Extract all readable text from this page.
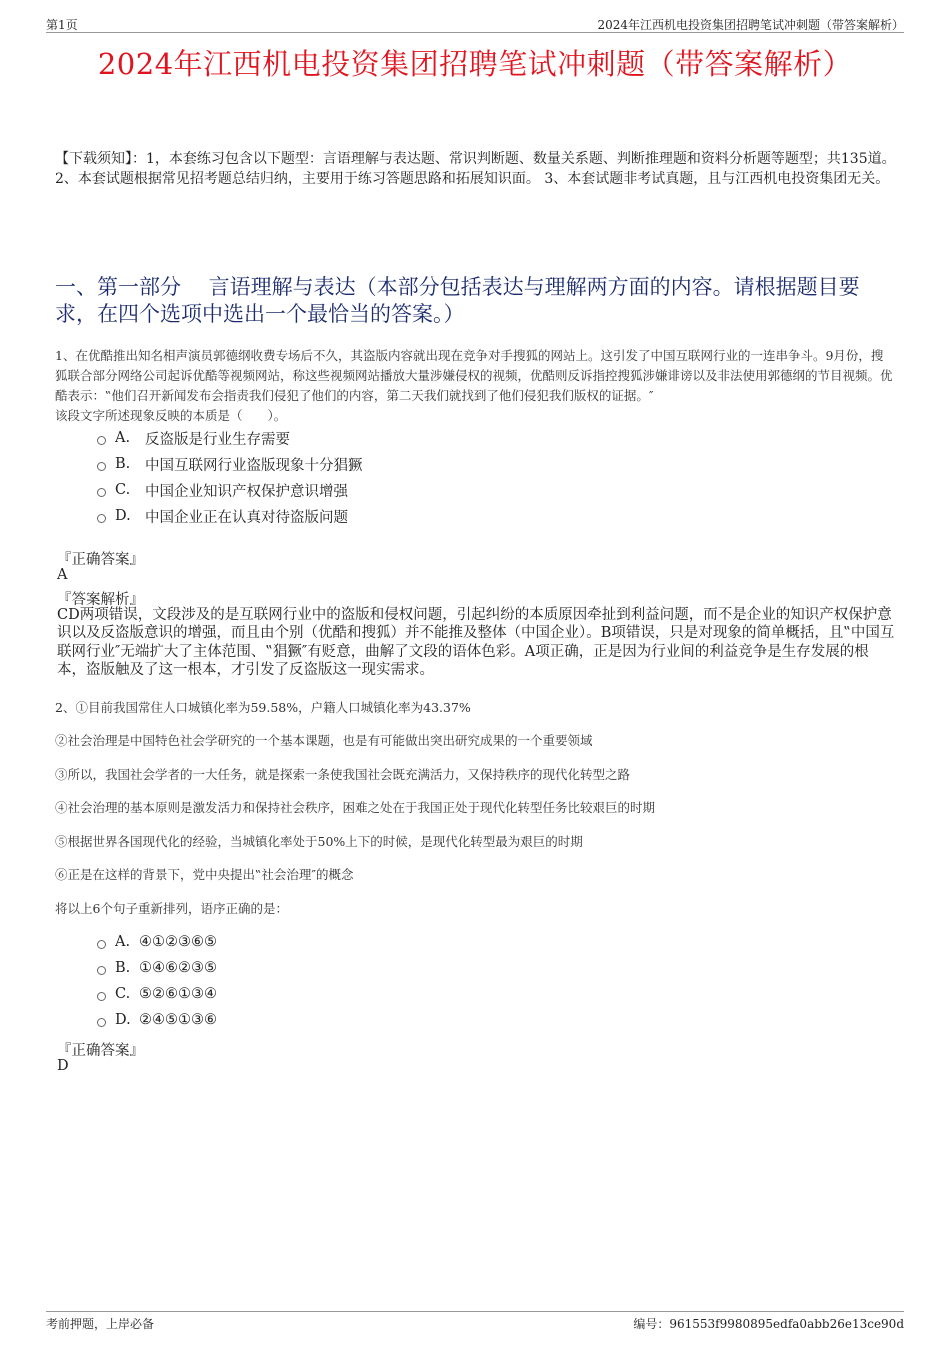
第1页	2024年江西机电投资集团招聘笔试冲刺题（带答案解析）
2024年江西机电投资集团招聘笔试冲刺题（带答案解析）
【下载须知】：1，本套练习包含以下题型：言语理解与表达题、常识判断题、数量关系题、判断推理题和资料分析题等题型；共135道。 2、本套试题根据常见招考题总结归纳，主要用于练习答题思路和拓展知识面。 3、本套试题非考试真题，且与江西机电投资集团无关。
一、第一部分　 言语理解与表达（本部分包括表达与理解两方面的内容。请根据题目要求，在四个选项中选出一个最恰当的答案。）
1、在优酷推出知名相声演员郭德纲收费专场后不久，其盗版内容就出现在竞争对手搜狐的网站上。这引发了中国互联网行业的一连串争斗。9月份，搜狐联合部分网络公司起诉优酷等视频网站，称这些视频网站播放大量涉嫌侵权的视频，优酷则反诉指控搜狐涉嫌诽谤以及非法使用郭德纲的节目视频。优酷表示：‟他们召开新闻发布会指责我们侵犯了他们的内容，第二天我们就找到了他们侵犯我们版权的证据。″
该段文字所述现象反映的本质是（　　）。
A.	反盗版是行业生存需要
B.	中国互联网行业盗版现象十分猖獗
C.	中国企业知识产权保护意识增强
D. 中国企业正在认真对待盗版问题
『正确答案』
A
『答案解析』
CD两项错误，文段涉及的是互联网行业中的盗版和侵权问题，引起纠纷的本质原因牵扯到利益问题，而不是企业的知识产权保护意识以及反盗版意识的增强，而且由个别（优酷和搜狐）并不能推及整体（中国企业）。B项错误，只是对现象的简单概括，且‟中国互联网行业″无端扩大了主体范围、‟猖獗″有贬意，曲解了文段的语体色彩。A项正确，正是因为行业间的利益竞争是生存发展的根本，盗版触及了这一根本，才引发了反盗版这一现实需求。
2、①目前我国常住人口城镇化率为59.58%，户籍人口城镇化率为43.37%
②社会治理是中国特色社会学研究的一个基本课题，也是有可能做出突出研究成果的一个重要领域
③所以，我国社会学者的一大任务，就是探索一条使我国社会既充满活力，又保持秩序的现代化转型之路
④社会治理的基本原则是激发活力和保持社会秩序，困难之处在于我国正处于现代化转型任务比较艰巨的时期
⑤根据世界各国现代化的经验，当城镇化率处于50%上下的时候，是现代化转型最为艰巨的时期
⑥正是在这样的背景下，党中央提出‟社会治理″的概念
将以上6个句子重新排列，语序正确的是：
A. ④①②③⑥⑤
B. ①④⑥②③⑤
C. ⑤②⑥①③④
D. ②④⑤①③⑥
『正确答案』
D
考前押题，上岸必备	编号：961553f9980895edfa0abb26e13ce90d
